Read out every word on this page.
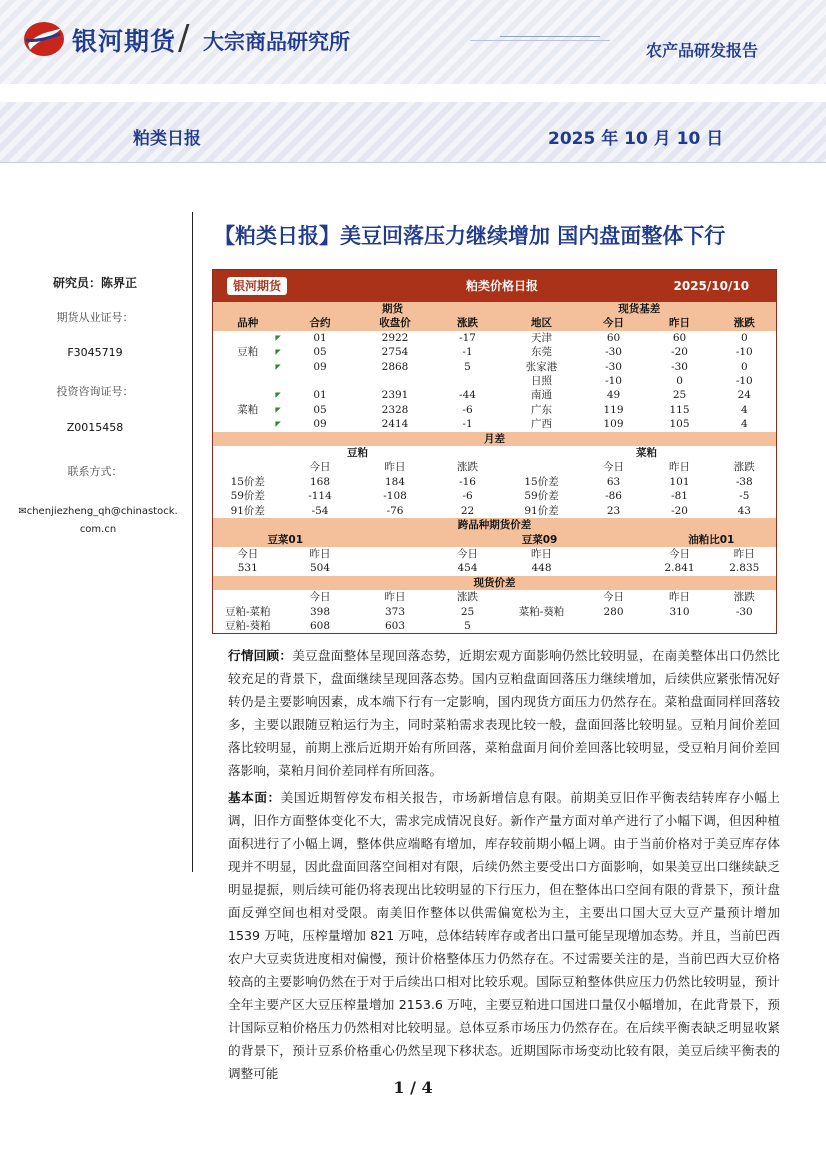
银河期货 / 大宗商品研究所	农产品研发报告
粕类日报	2025 年 10 月 10 日
研究员：陈界正
期货从业证号：
F3045719
投资咨询证号：
Z0015458
联系方式：
✉chenjiezheng_qh@chinastock.com.cn
【粕类日报】美豆回落压力继续增加 国内盘面整体下行
银河期货		粕类价格日报				2025/10/10	
	期货			现货基差			
品种	合约	收盘价	涨跌	地区	今日	昨日	涨跌

	◤ 01	2922	-17	天津	60	60	0
豆粕	◤ 05	2754	-1	东莞	-30	-20	-10

	◤ 09	2868	5	张家港	-30	-30	0
				日照	-10	0	-10

	◤ 01	2391	-44	南通	49	25	24
菜粕	◤ 05	2328	-6	广东	119	115	4

	◤ 09	2414	-1	广西	109	105	4
月差							
	豆粕				菜粕		
	今日	昨日	涨跌		今日	昨日	涨跌
15价差	168	184	-16	15价差	63	101	-38
59价差	-114	-108	-6	59价差	-86	-81	-5
91价差	-54	-76	22	91价差	23	-20	43
跨品种期货价差							
豆菜01			豆菜09			油粕比01	
今日	昨日		今日	昨日		今日	昨日
531	504		454	448		2.841	2.835
现货价差							
	今日	昨日	涨跌		今日	昨日	涨跌
豆粕-菜粕	398	373	25	菜粕-葵粕	280	310	-30
豆粕-葵粕	608	603	5				
行情回顾：美豆盘面整体呈现回落态势，近期宏观方面影响仍然比较明显，在南美整体出口仍然比较充足的背景下，盘面继续呈现回落态势。国内豆粕盘面回落压力继续增加，后续供应紧张情况好转仍是主要影响因素，成本端下行有一定影响，国内现货方面压力仍然存在。菜粕盘面同样回落较多，主要以跟随豆粕运行为主，同时菜粕需求表现比较一般，盘面回落比较明显。豆粕月间价差回落比较明显，前期上涨后近期开始有所回落，菜粕盘面月间价差回落比较明显，受豆粕月间价差回落影响，菜粕月间价差同样有所回落。
基本面：美国近期暂停发布相关报告，市场新增信息有限。前期美豆旧作平衡表结转库存小幅上调，旧作方面整体变化不大，需求完成情况良好。新作产量方面对单产进行了小幅下调，但因种植面积进行了小幅上调，整体供应端略有增加，库存较前期小幅上调。由于当前价格对于美豆库存体现并不明显，因此盘面回落空间相对有限，后续仍然主要受出口方面影响，如果美豆出口继续缺乏明显提振，则后续可能仍将表现出比较明显的下行压力，但在整体出口空间有限的背景下，预计盘面反弹空间也相对受限。南美旧作整体以供需偏宽松为主，主要出口国大豆大豆产量预计增加 1539 万吨，压榨量增加 821 万吨，总体结转库存或者出口量可能呈现增加态势。并且，当前巴西农户大豆卖货进度相对偏慢，预计价格整体压力仍然存在。不过需要关注的是，当前巴西大豆价格较高的主要影响仍然在于对于后续出口相对比较乐观。国际豆粕整体供应压力仍然比较明显，预计全年主要产区大豆压榨量增加 2153.6 万吨，主要豆粕进口国进口量仅小幅增加，在此背景下，预计国际豆粕价格压力仍然相对比较明显。总体豆系市场压力仍然存在。在后续平衡表缺乏明显收紧的背景下，预计豆系价格重心仍然呈现下移状态。近期国际市场变动比较有限，美豆后续平衡表的调整可能
1 / 4
